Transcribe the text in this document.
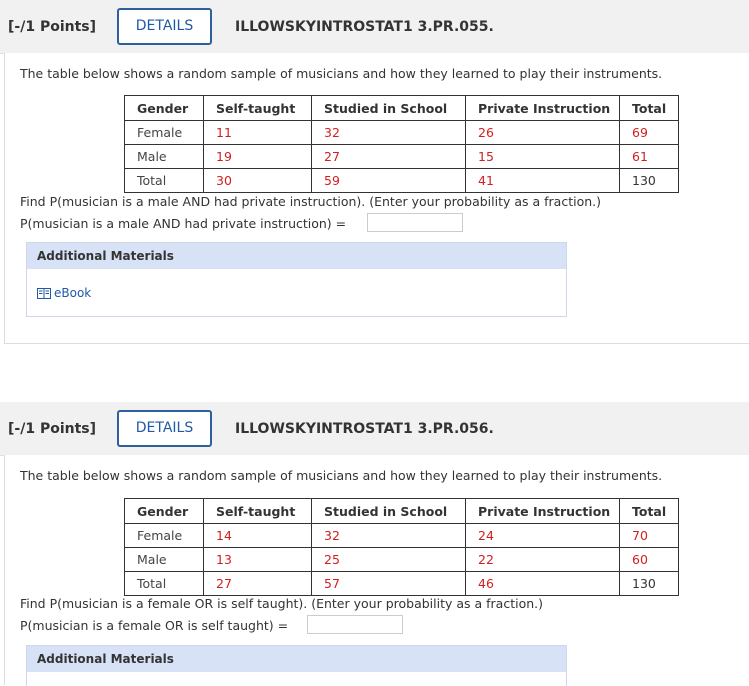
[-/1 Points]	DETAILS	ILLOWSKYINTROSTAT1 3.PR.055.
The table below shows a random sample of musicians and how they learned to play their instruments.
Gender	Self-taught	Studied in School	Private Instruction	Total
Female	11	32	26	69
Male	19	27	15	61
Total	30	59	41	130
Find P(musician is a male AND had private instruction). (Enter your probability as a fraction.)
P(musician is a male AND had private instruction) =
Additional Materials
eBook
[-/1 Points]	DETAILS	ILLOWSKYINTROSTAT1 3.PR.056.
The table below shows a random sample of musicians and how they learned to play their instruments.
Gender	Self-taught	Studied in School	Private Instruction	Total
Female	14	32	24	70
Male	13	25	22	60
Total	27	57	46	130
Find P(musician is a female OR is self taught). (Enter your probability as a fraction.)
P(musician is a female OR is self taught) =
Additional Materials
